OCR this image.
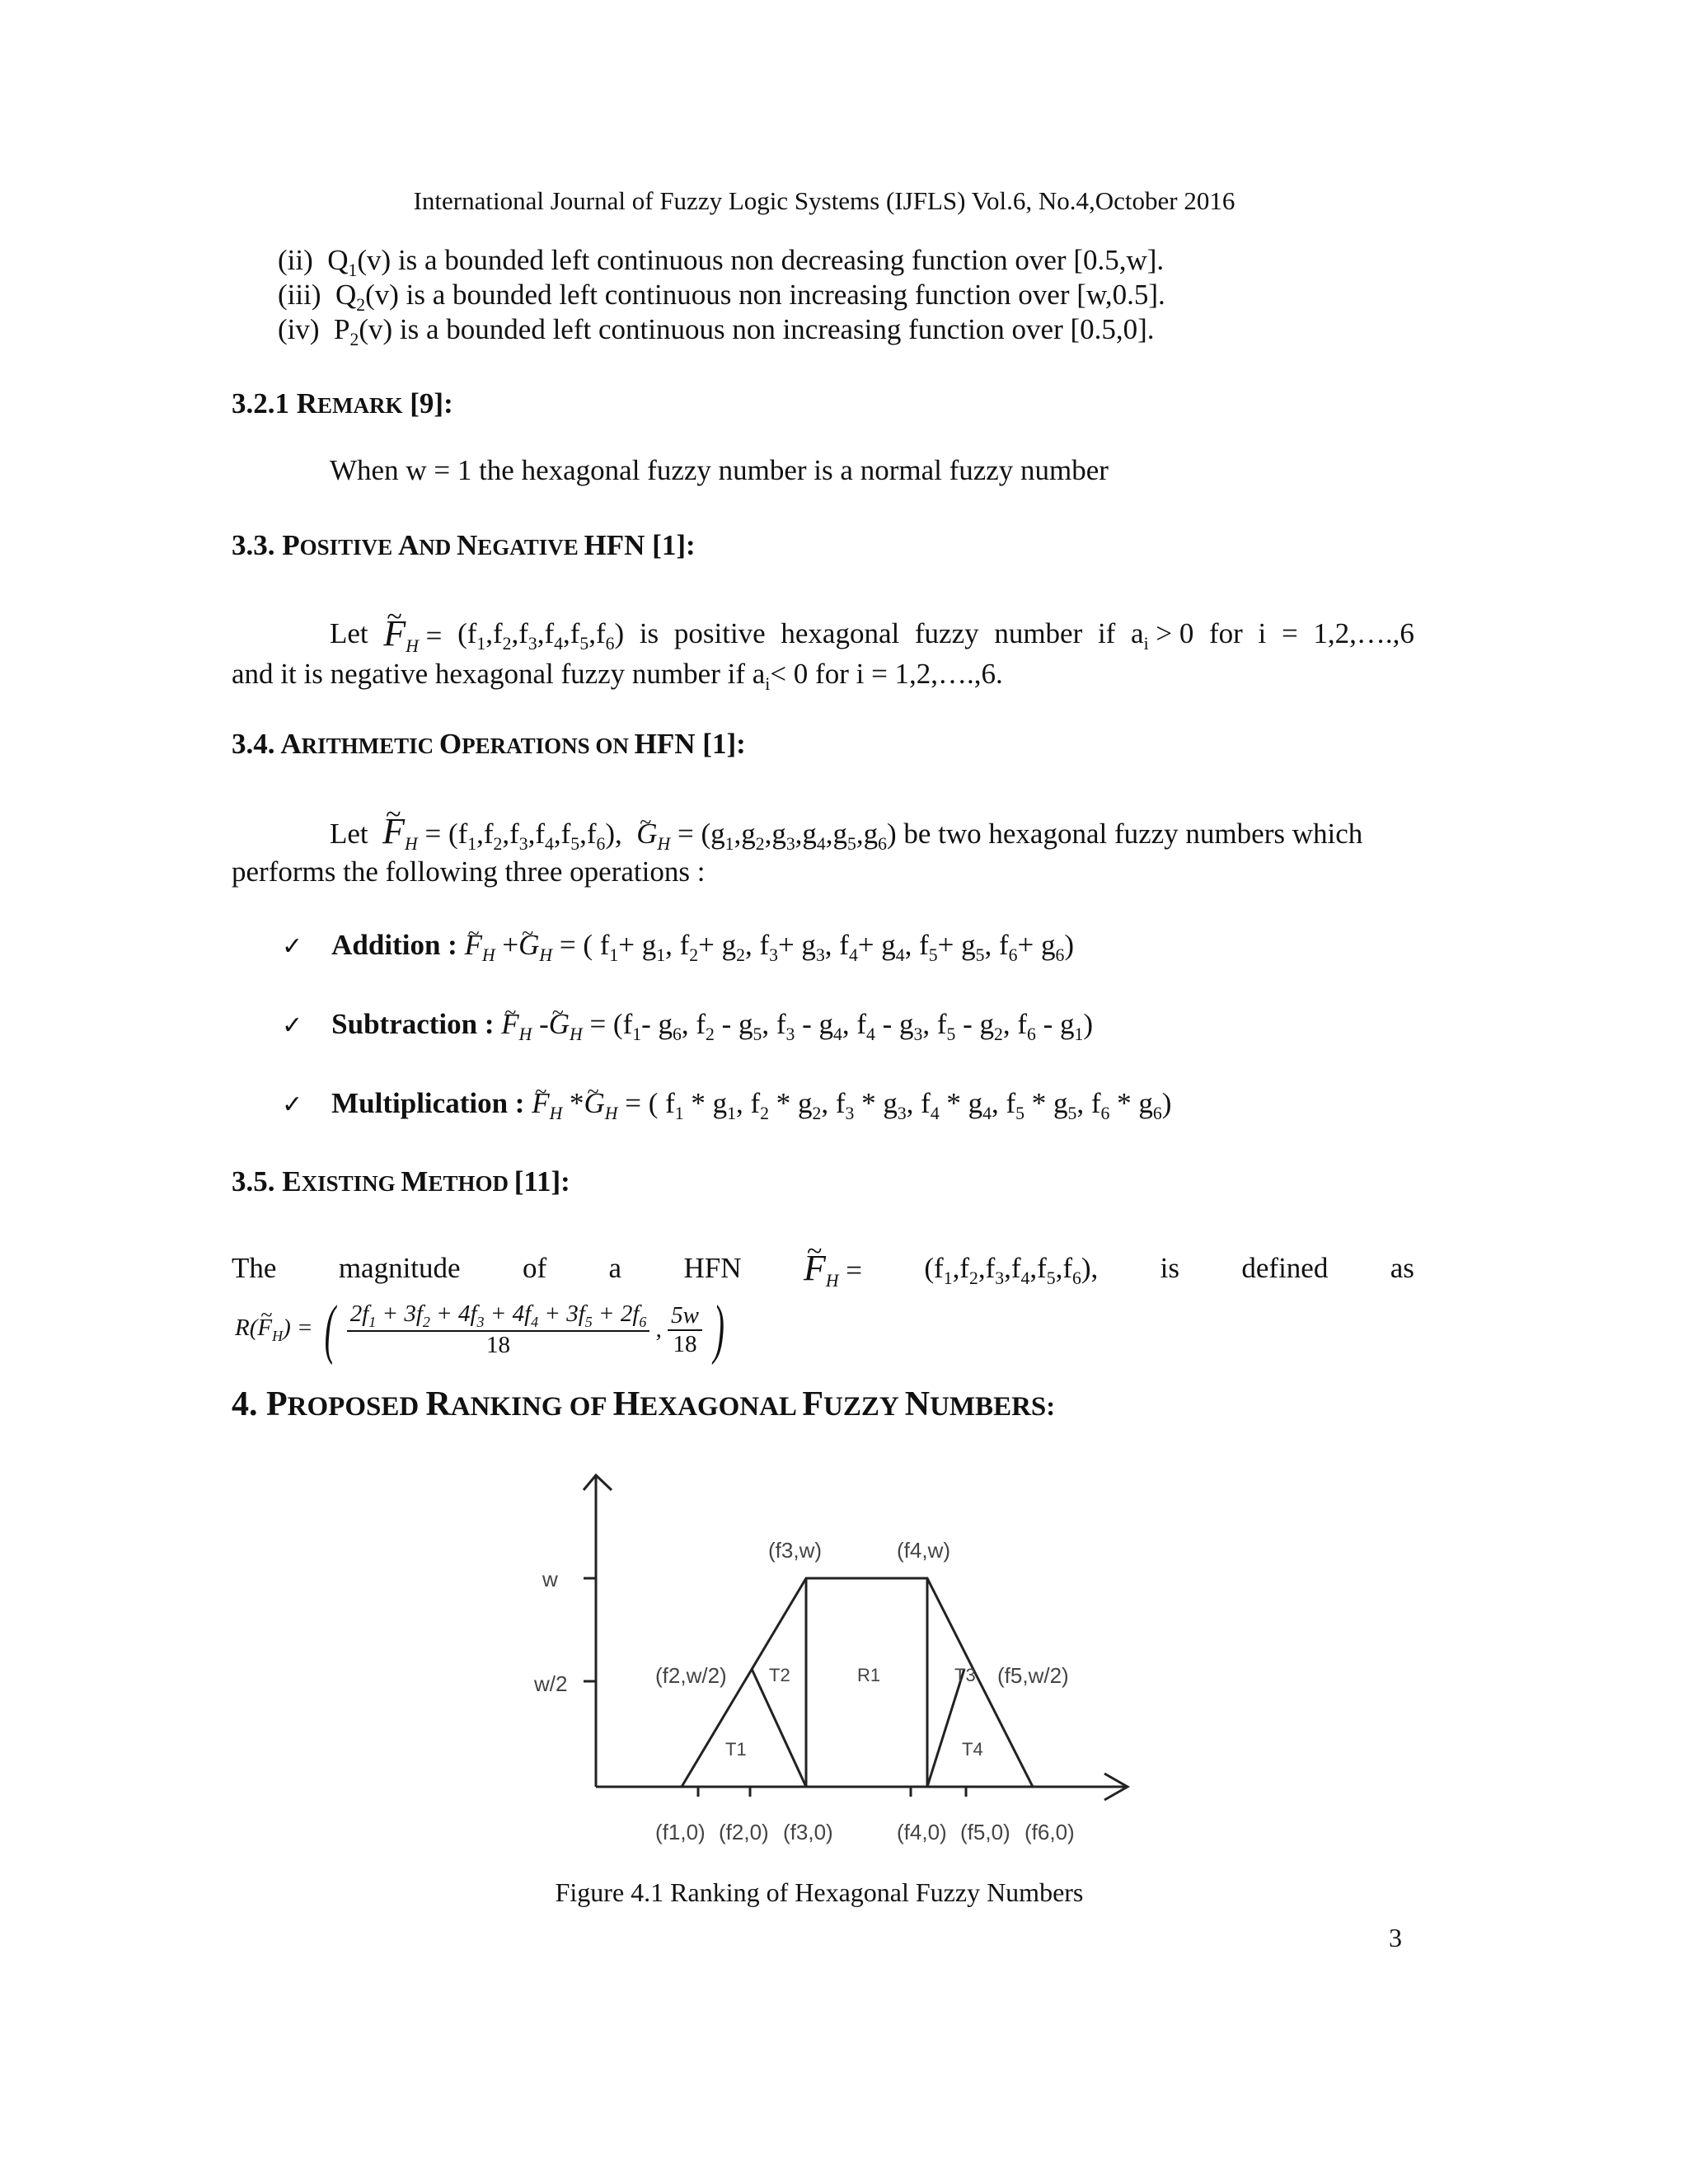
International Journal of Fuzzy Logic Systems (IJFLS) Vol.6, No.4,October 2016
(ii) $Q_1(v)$ is a bounded left continuous non decreasing function over [0.5,w].
(iii) $Q_2(v)$ is a bounded left continuous non increasing function over [w,0.5].
(iv) $P_2(v)$ is a bounded left continuous non increasing function over [0.5,0].
3.2.1 REMARK [9]:
When w = 1 the hexagonal fuzzy number is a normal fuzzy number
3.3. POSITIVE AND NEGATIVE HFN [1]:
Let ~ $F_H = (f_1,f_2,f_3,f_4,f_5,f_6)$ is positive hexagonal fuzzy number if $a_i > 0$ for i = 1,2,….,6
and it is negative hexagonal fuzzy number if $a_i< 0$ for i = 1,2,….,6.
3.4. ARITHMETIC OPERATIONS ON HFN [1]:
Let ~ $F_H = (f_1,f_2,f_3,f_4,f_5,f_6)$,  ~ $G_H = (g_1,g_2,g_3,g_4,g_5,g_6)$ be two hexagonal fuzzy numbers which
performs the following three operations :
✓ Addition : ~ $F_H$ +~ $G_H$ = ( $f_1+ g_1$, $f_2+ g_2$, $f_3+ g_3$, $f_4+ g_4$, $f_5+ g_5$, $f_6+ g_6$)
✓ Subtraction : ~ $F_H$ -~ $G_H = (f_1-$ $g_6$, $f_2 - g_5$, $f_3 - g_4$, $f_4 - g_3$, $f_5 - g_2$, $f_6 - g_1$)
✓ Multiplication : ~ $F_H$ *~ $G_H$ = ( $f_1 * g_1$, $f_2 * g_2$, $f_3 * g_3$, $f_4 * g_4$, $f_5 * g_5$, $f_6 * g_6$)
3.5. EXISTING METHOD [11]:
The magnitude of a HFN ~ $F_H = (f_1,f_2,f_3,f_4,f_5,f_6)$, is defined as
R(~ $F_H$) = ( $\frac{2f_1 + 3f_2 + 4f_3 + 4f_4 + 3f_5 + 2f_6}{18}$ , $\frac{5w}{18}$ )
4. PROPOSED RANKING OF HEXAGONAL FUZZY NUMBERS:
w
w/2
(f3,w)	(f4,w)
(f2,w/2)	(f5,w/2)
T2	R1	T3
T1	T4
(f1,0) (f2,0) (f3,0)	(f4,0) (f5,0) (f6,0)
Figure 4.1 Ranking of Hexagonal Fuzzy Numbers
3
